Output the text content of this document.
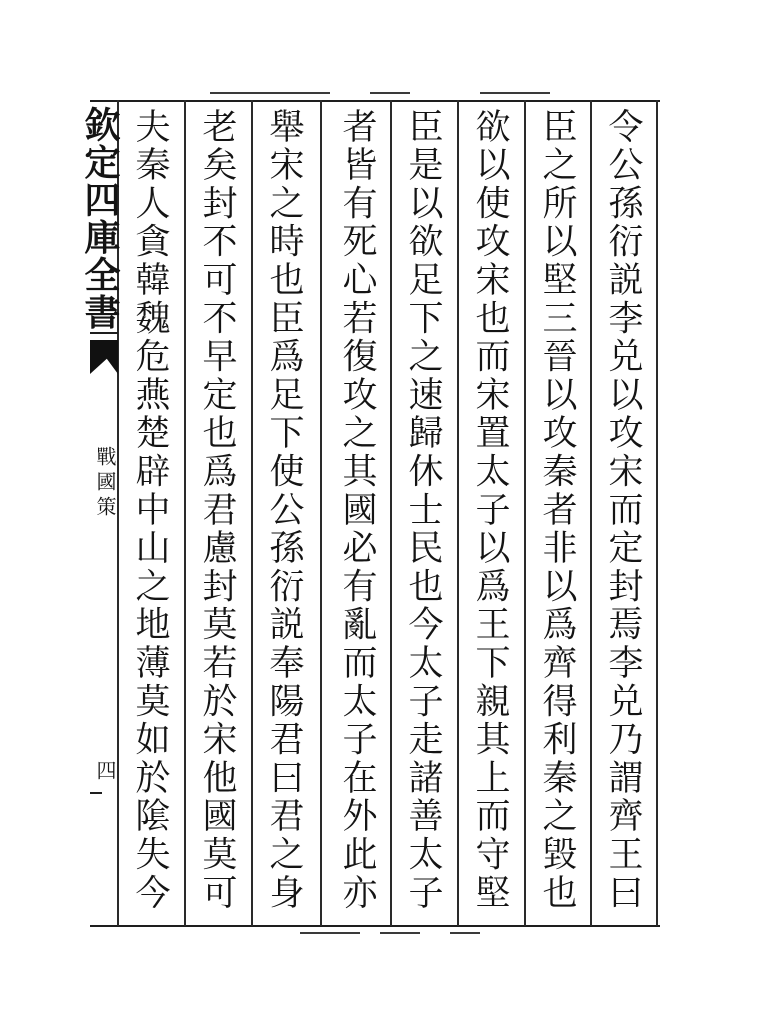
令公孫衍説李兑以攻宋而定封焉李兑乃謂齊王曰
臣之所以堅三晉以攻秦者非以爲齊得利秦之毀也
欲以使攻宋也而宋置太子以爲王下親其上而守堅
臣是以欲足下之速歸休士民也今太子走諸善太子
者皆有死心若復攻之其國必有亂而太子在外此亦
舉宋之時也臣爲足下使公孫衍説奉陽君曰君之身
老矣封不可不早定也爲君慮封莫若於宋他國莫可
夫秦人貪韓魏危燕楚辟中山之地薄莫如於隂失今
欽定四庫全書
戰國策
四
